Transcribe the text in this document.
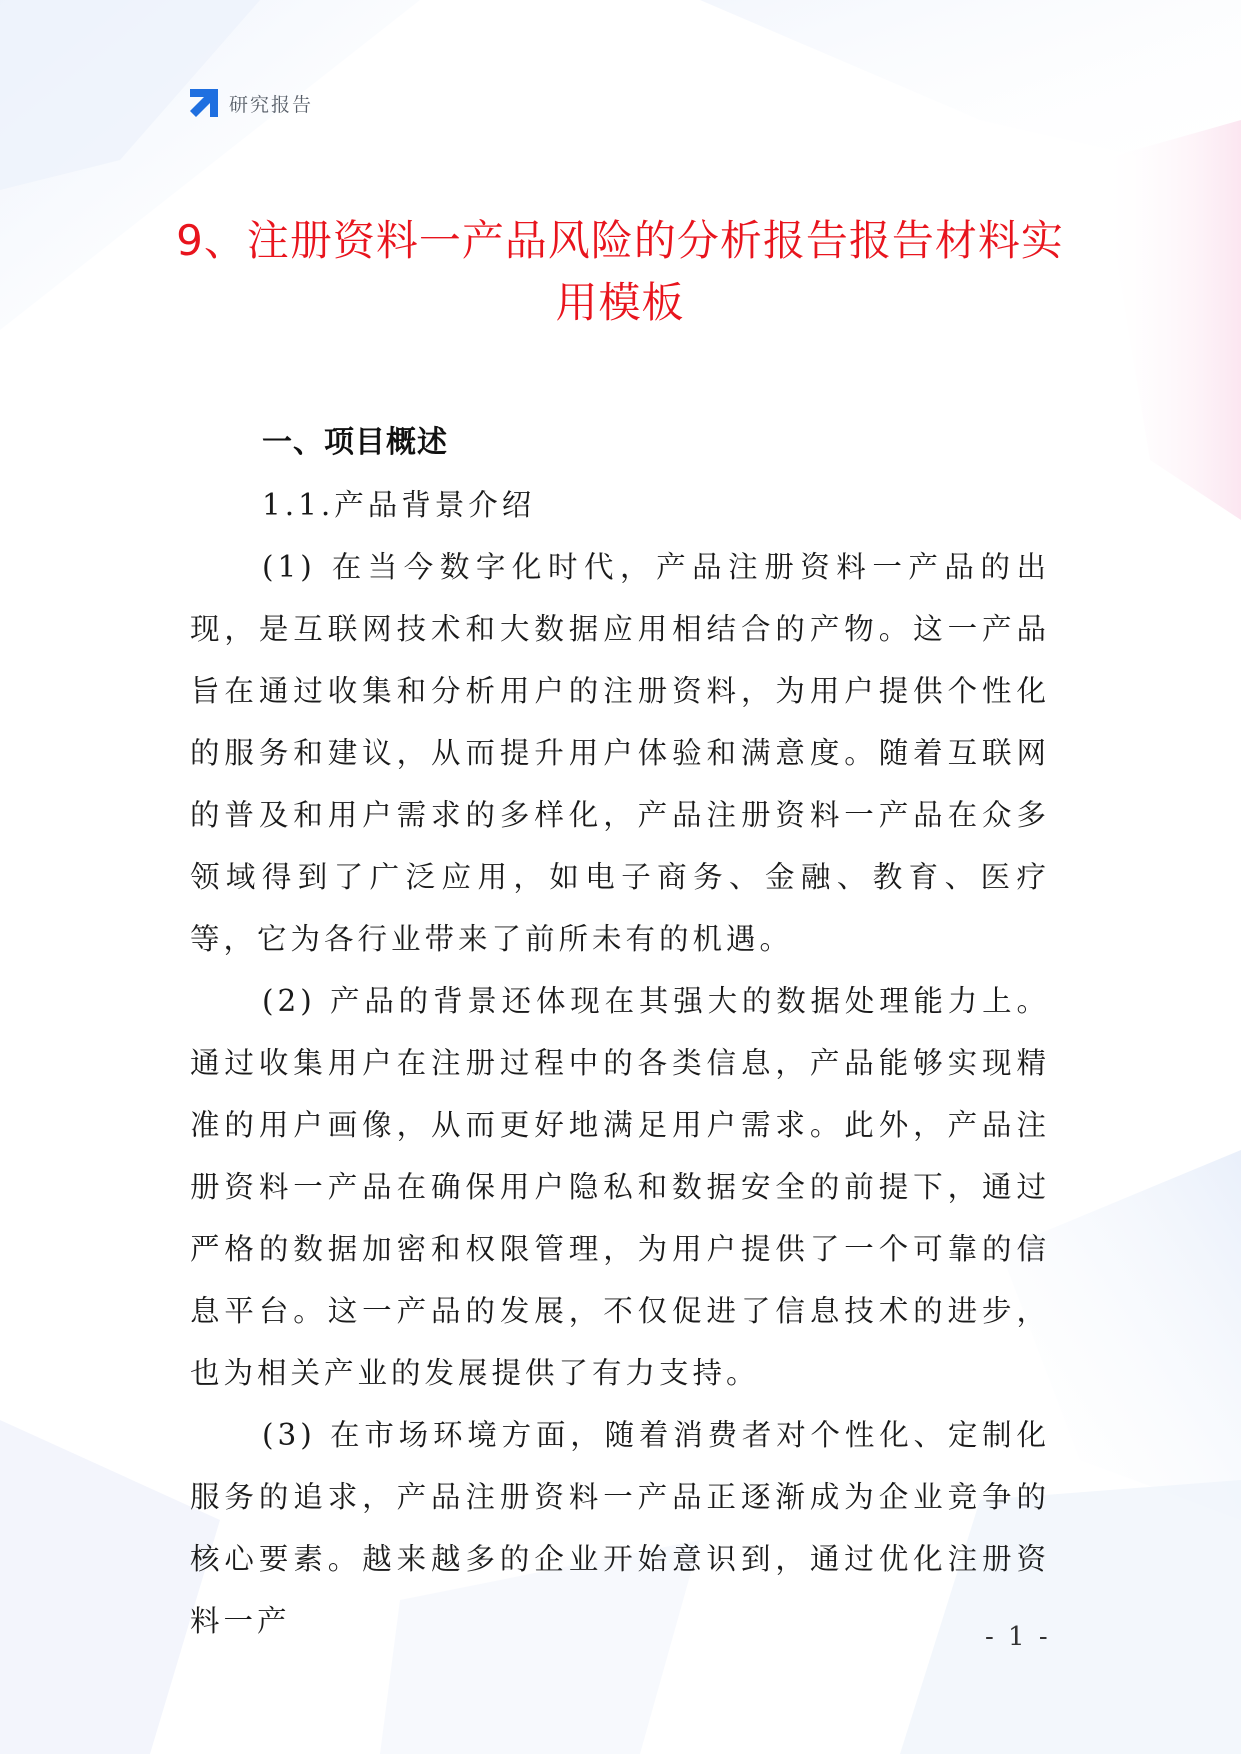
研究报告
9、注册资料一产品风险的分析报告报告材料实用模板

一、项目概述

1.1.产品背景介绍

(1) 在当今数字化时代，产品注册资料一产品的出现，是互联网技术和大数据应用相结合的产物。这一产品旨在通过收集和分析用户的注册资料，为用户提供个性化的服务和建议，从而提升用户体验和满意度。随着互联网的普及和用户需求的多样化，产品注册资料一产品在众多领域得到了广泛应用，如电子商务、金融、教育、医疗等，它为各行业带来了前所未有的机遇。

(2) 产品的背景还体现在其强大的数据处理能力上。通过收集用户在注册过程中的各类信息，产品能够实现精准的用户画像，从而更好地满足用户需求。此外，产品注册资料一产品在确保用户隐私和数据安全的前提下，通过严格的数据加密和权限管理，为用户提供了一个可靠的信息平台。这一产品的发展，不仅促进了信息技术的进步，也为相关产业的发展提供了有力支持。

(3) 在市场环境方面，随着消费者对个性化、定制化服务的追求，产品注册资料一产品正逐渐成为企业竞争的核心要素。越来越多的企业开始意识到，通过优化注册资料一产	- 1 -
